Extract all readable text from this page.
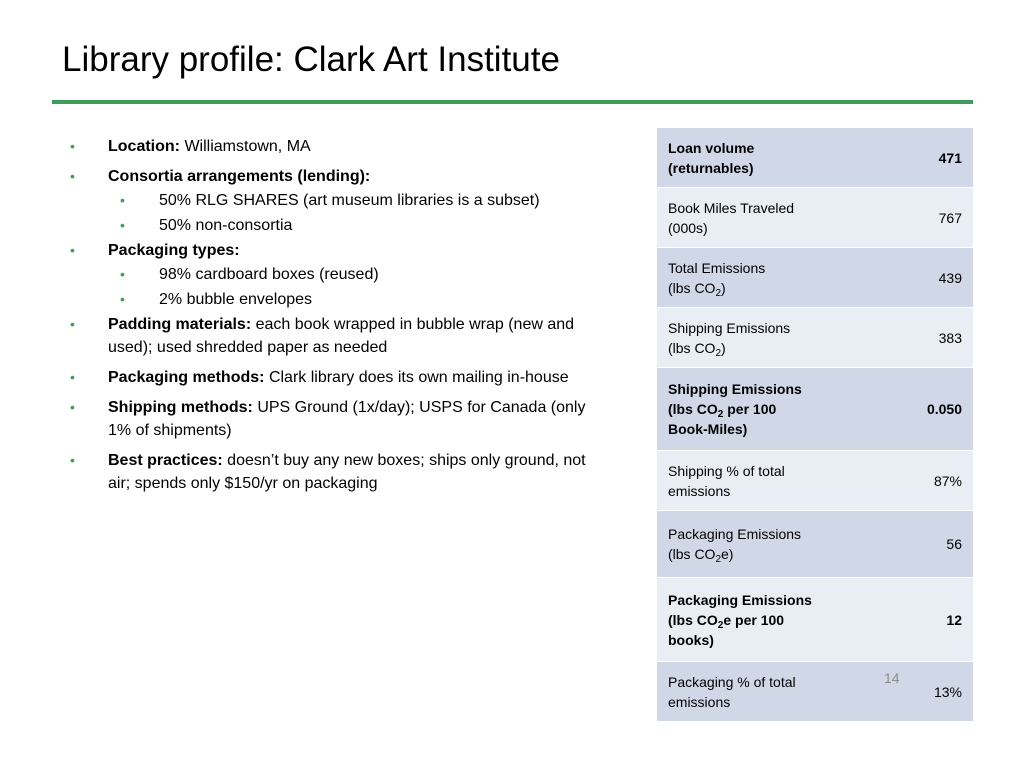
Library profile: Clark Art Institute
• Location: Williamstown, MA
• Consortia arrangements (lending):
• 50% RLG SHARES (art museum libraries is a subset)
• 50% non-consortia
• Packaging types:
• 98% cardboard boxes (reused)
• 2% bubble envelopes
• Padding materials: each book wrapped in bubble wrap (new and used); used shredded paper as needed
• Packaging methods: Clark library does its own mailing in-house
• Shipping methods: UPS Ground (1x/day); USPS for Canada (only 1% of shipments)
• Best practices: doesn’t buy any new boxes; ships only ground, not air; spends only $150/yr on packaging
Loan volume
(returnables)
471
Book Miles Traveled
(000s)
767
Total Emissions
(lbs $CO_2$)
439
Shipping Emissions
(lbs $CO_2$)
383
Shipping Emissions
(lbs $CO_2$ per 100
Book-Miles)
0.050
Shipping % of total
emissions
87%
Packaging Emissions
(lbs $CO_2e$)
56
Packaging Emissions
(lbs $CO_2e$ per 100
books)
12
Packaging % of total
emissions
13%
14
